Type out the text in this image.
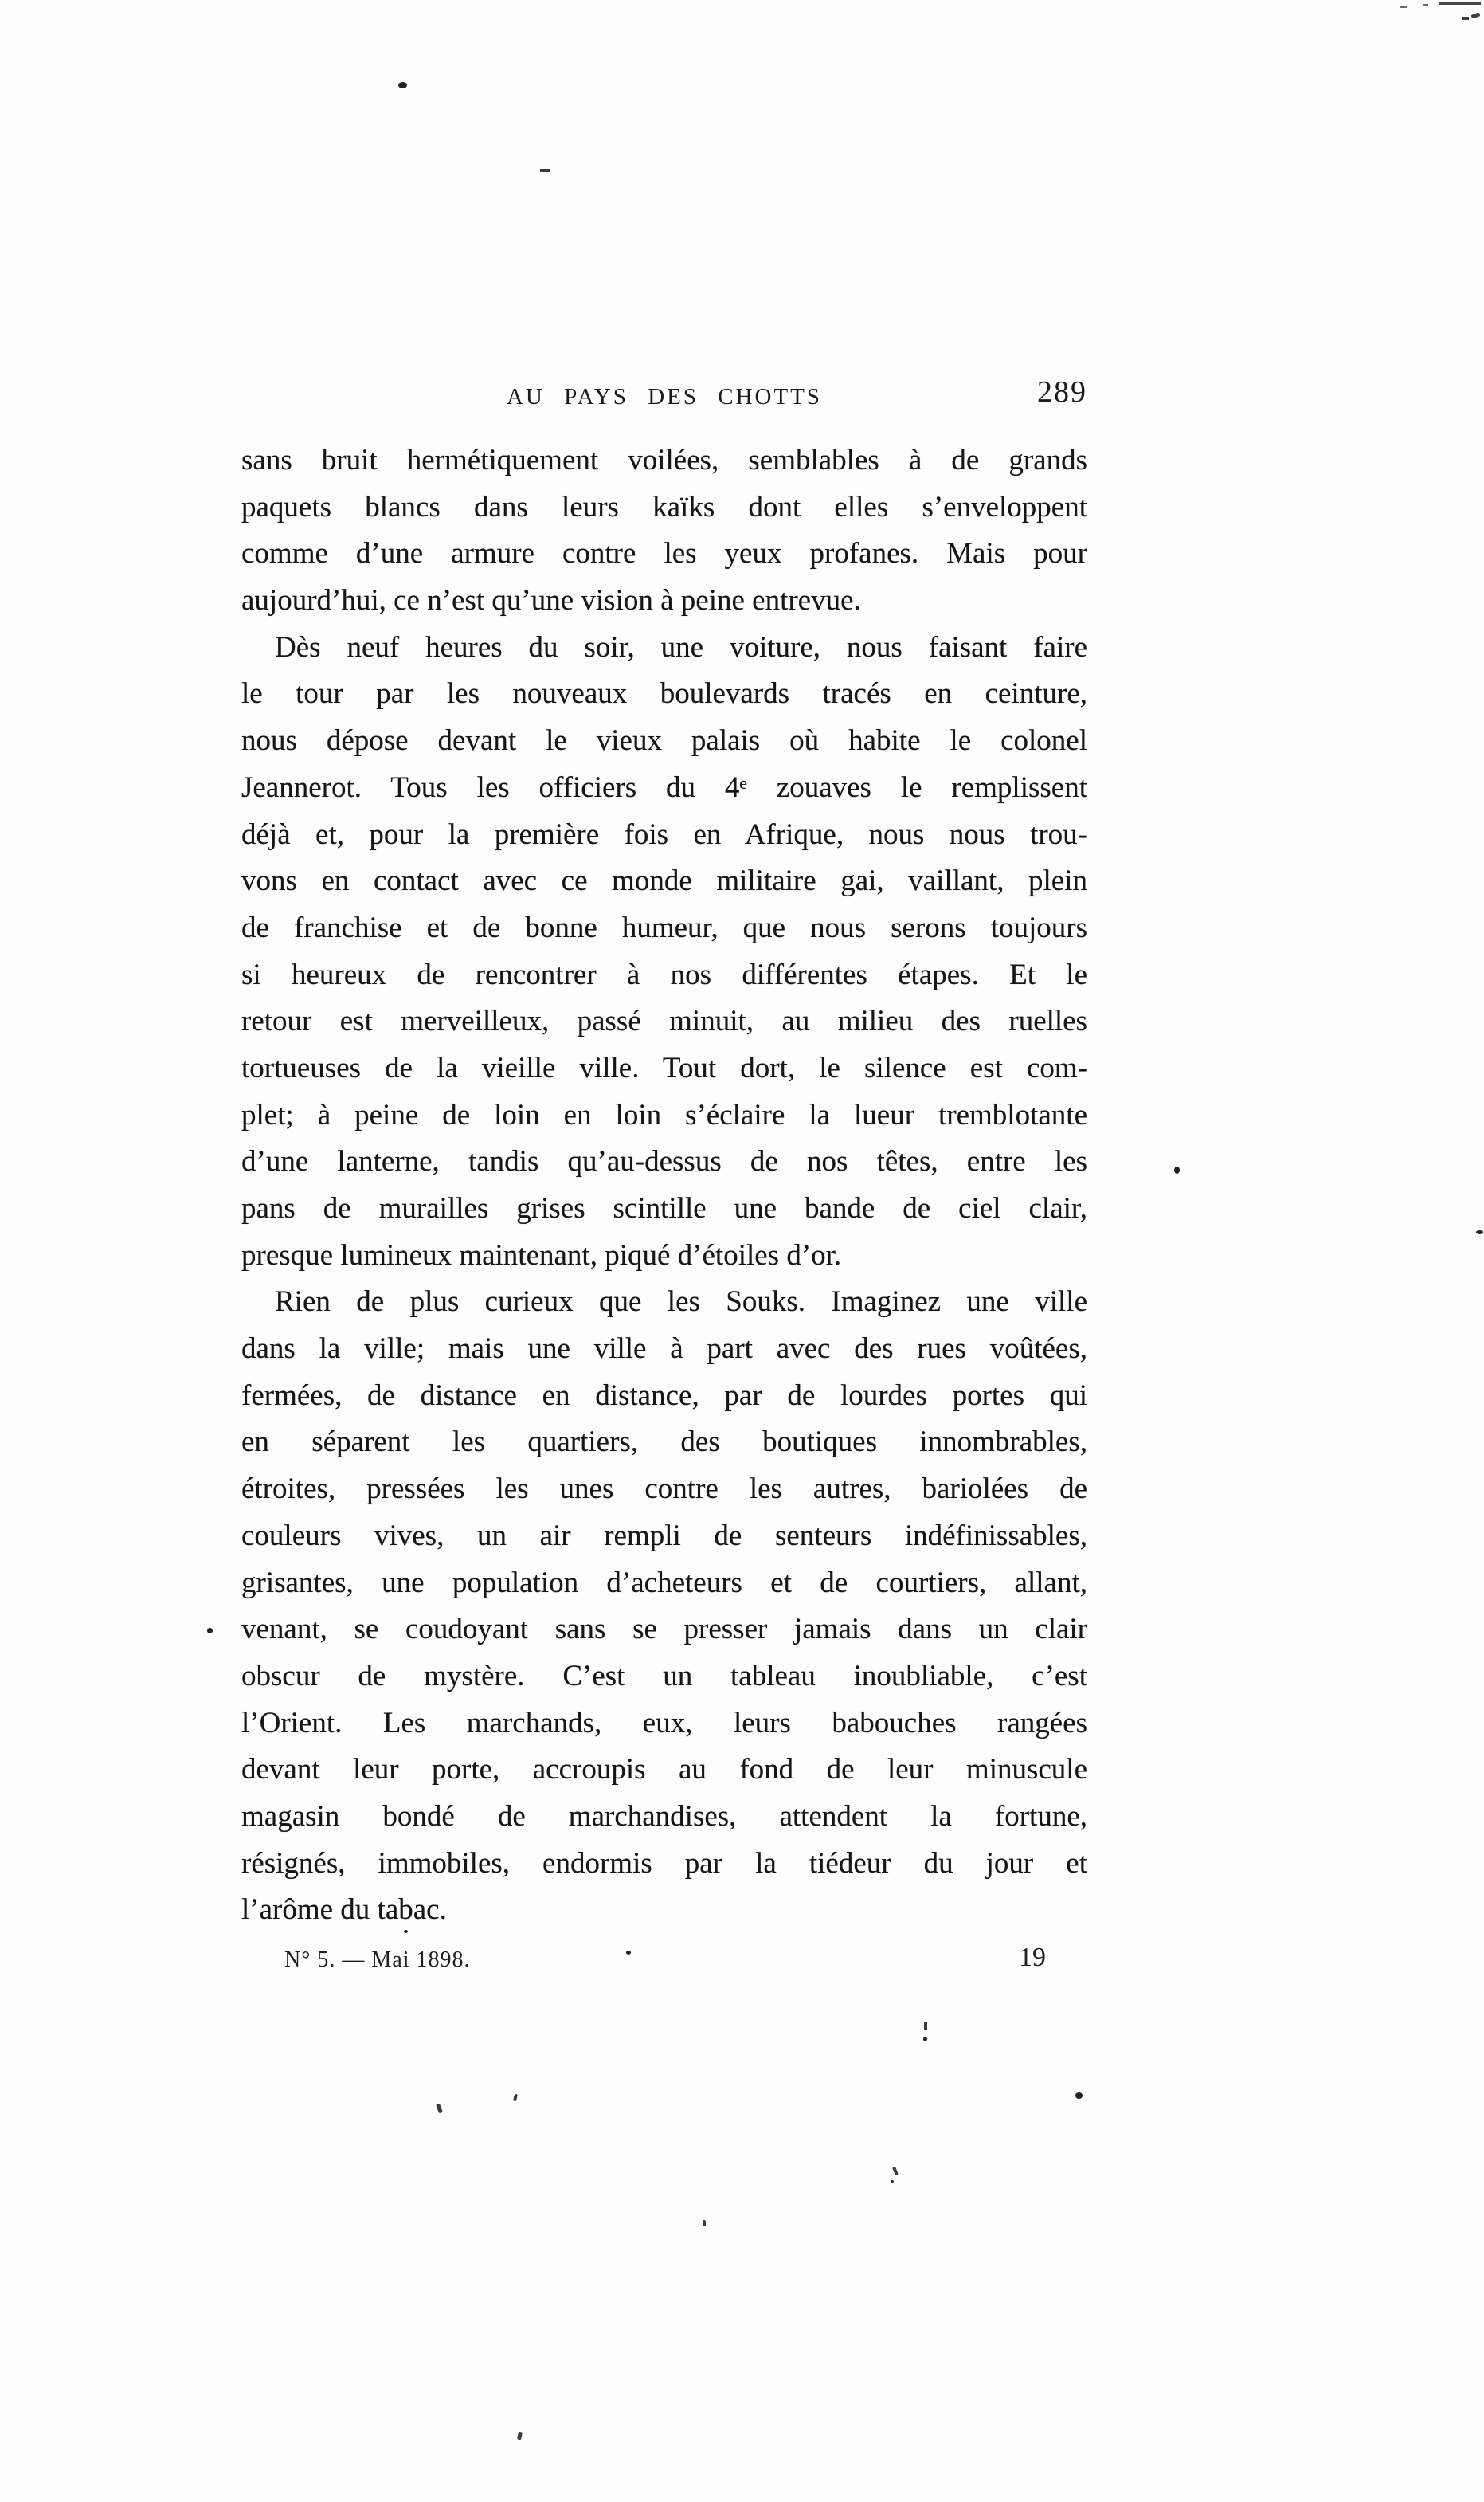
AU PAYS DES CHOTTS	289
sans bruit hermétiquement voilées, semblables à de grands
paquets blancs dans leurs kaïks dont elles s’enveloppent
comme d’une armure contre les yeux profanes. Mais pour
aujourd’hui, ce n’est qu’une vision à peine entrevue.
Dès neuf heures du soir, une voiture, nous faisant faire
le tour par les nouveaux boulevards tracés en ceinture,
nous dépose devant le vieux palais où habite le colonel
Jeannerot. Tous les officiers du 4ᵉ zouaves le remplissent
déjà et, pour la première fois en Afrique, nous nous trou-
vons en contact avec ce monde militaire gai, vaillant, plein
de franchise et de bonne humeur, que nous serons toujours
si heureux de rencontrer à nos différentes étapes. Et le
retour est merveilleux, passé minuit, au milieu des ruelles
tortueuses de la vieille ville. Tout dort, le silence est com-
plet; à peine de loin en loin s’éclaire la lueur tremblotante
d’une lanterne, tandis qu’au-dessus de nos têtes, entre les
pans de murailles grises scintille une bande de ciel clair,
presque lumineux maintenant, piqué d’étoiles d’or.
Rien de plus curieux que les Souks. Imaginez une ville
dans la ville; mais une ville à part avec des rues voûtées,
fermées, de distance en distance, par de lourdes portes qui
en séparent les quartiers, des boutiques innombrables,
étroites, pressées les unes contre les autres, bariolées de
couleurs vives, un air rempli de senteurs indéfinissables,
grisantes, une population d’acheteurs et de courtiers, allant,
venant, se coudoyant sans se presser jamais dans un clair
obscur de mystère. C’est un tableau inoubliable, c’est
l’Orient. Les marchands, eux, leurs babouches rangées
devant leur porte, accroupis au fond de leur minuscule
magasin bondé de marchandises, attendent la fortune,
résignés, immobiles, endormis par la tiédeur du jour et
l’arôme du tabac.
N° 5. — Mai 1898.	19
